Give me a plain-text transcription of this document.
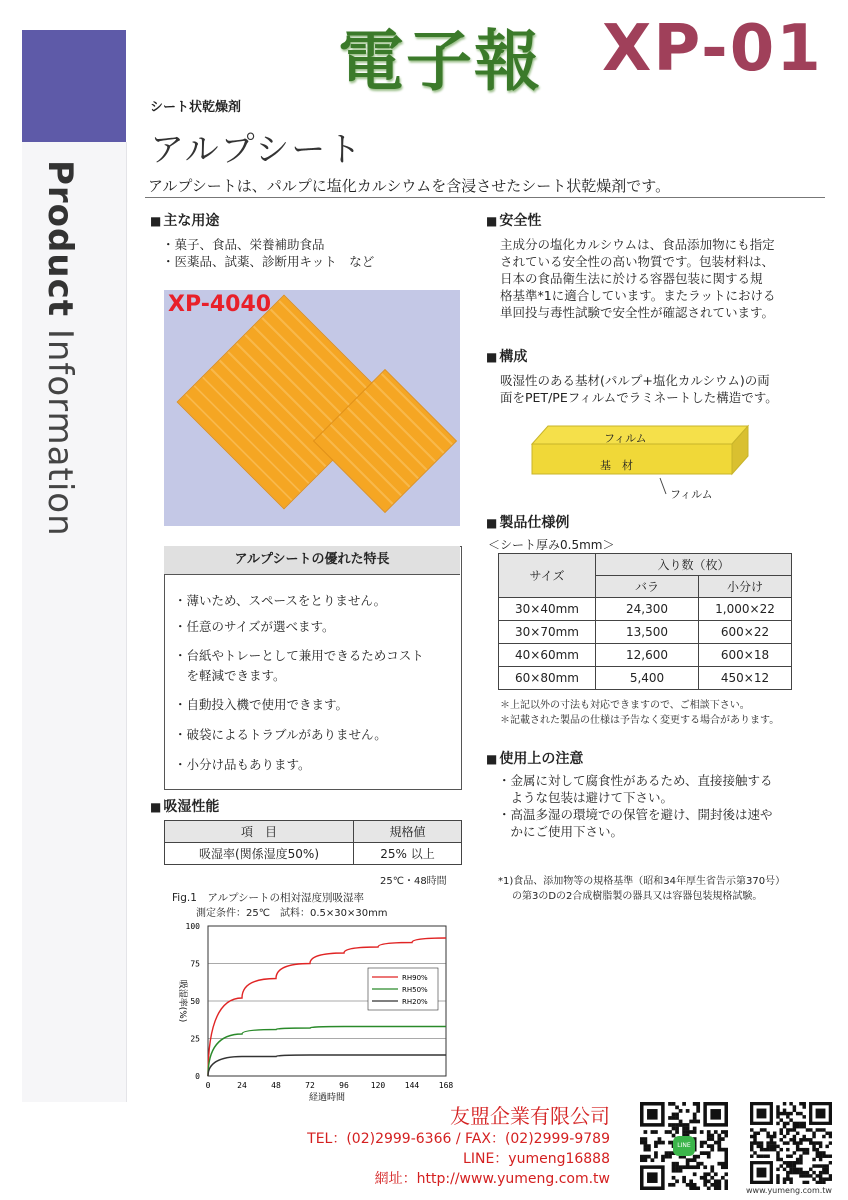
Product Information
電子報 XP-01
シート状乾燥剤
アルプシート
アルプシートは、パルプに塩化カルシウムを含浸させたシート状乾燥剤です。
■ 主な用途
・菓子、食品、栄養補助食品
・医薬品、試薬、診断用キット　など
XP-4040
アルプシートの優れた特長
・薄いため、スペースをとりません。
・任意のサイズが選べます。
・台紙やトレーとして兼用できるためコスト
　を軽減できます。
・自動投入機で使用できます。
・破袋によるトラブルがありません。
・小分け品もあります。
■ 吸湿性能
項　目	規格値
吸湿率(関係湿度50%)	25% 以上
25℃・48時間
Fig.1　アルプシートの相対湿度別吸湿率
測定条件：25℃　試料：0.5×30×30mm
0
25
50
75
100
0	24	48	72	96	120 144 168
経過時間
吸湿率(%)
RH90%
RH50%
RH20%
■ 安全性
主成分の塩化カルシウムは、食品添加物にも指定
されている安全性の高い物質です。包装材料は、
日本の食品衛生法に於ける容器包装に関する規
格基準*1に適合しています。またラットにおける
単回投与毒性試験で安全性が確認されています。
■ 構成
吸湿性のある基材(パルプ+塩化カルシウム)の両
面をPET/PEフィルムでラミネートした構造です。
フィルム
基　材
フィルム
■ 製品仕様例
＜シート厚み0.5mm＞
サイズ	入り数（枚）	
	バラ	小分け
30×40mm	24,300	1,000×22
30×70mm	13,500	600×22
40×60mm	12,600	600×18
60×80mm	5,400	450×12
＊上記以外の寸法も対応できますので、ご相談下さい。
＊記載された製品の仕様は予告なく変更する場合があります。
■ 使用上の注意
・金属に対して腐食性があるため、直接接触する
　ような包装は避けて下さい。
・高温多湿の環境での保管を避け、開封後は速や
　かにご使用下さい。
*1)食品、添加物等の規格基準（昭和34年厚生省告示第370号）
の第3のDの2合成樹脂製の器具又は容器包装規格試験。
友盟企業有限公司
TEL：(02)2999-6366 / FAX：(02)2999-9789
LINE：yumeng16888
網址：http://www.yumeng.com.tw
LINE
www.yumeng.com.tw
